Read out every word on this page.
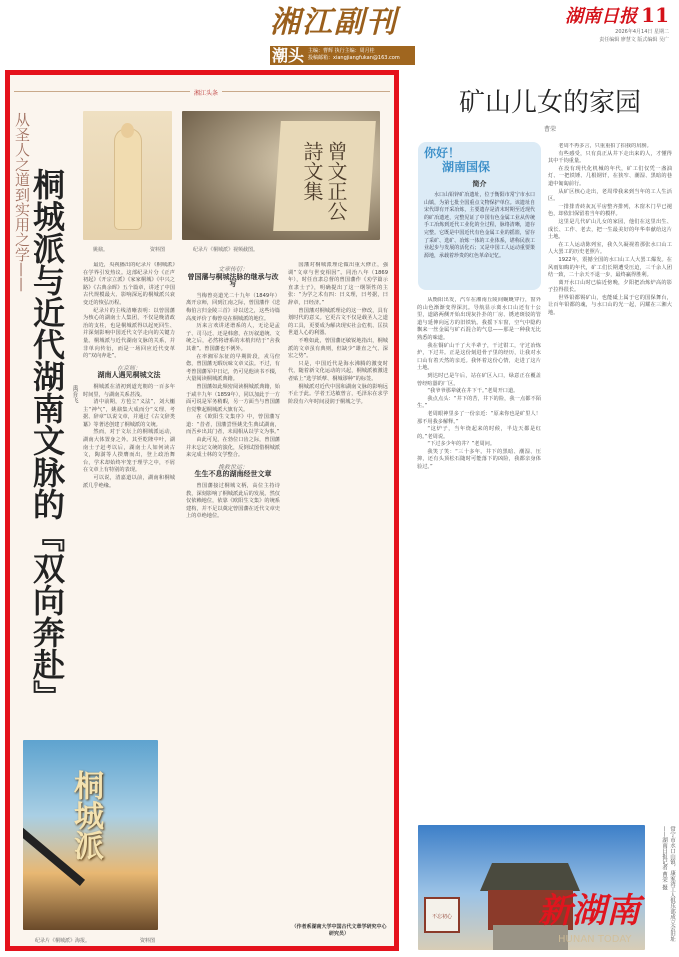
湘江副刊
潮头 主编：曹辉 执行主编：周月桂
投稿邮箱：xiangjiangfukan@163.com
湖南日报 11
2026年4月14日 星期二
责任编辑 廖慧文 版式编辑 吴广
湘江头条
从圣人之道到实用之学——
桐城派与近代湖南文脉的『双向奔赴』 禹育飞
曾文正公
詩文集
姚鼐。	资料图	纪录片《桐城派》视频截图。

最近，央视播出的纪录片《桐城派》在学界引发热议。这部纪录片分《正声初起》《开宗立派》《家家桐城》《中兴之路》《古典余晖》五个篇章，讲述了中国古代规模最大、影响深远的桐城派兴衰变迁的恢弘历程。

纪录片的主线清晰表明：以曾国藩为核心的湖南士人集团，不仅是晚清政治的支柱，也是桐城派得以起死回生、并深刻影响中国近代文学走向的关键力量。桐城派与近代湖南文脉的关系，并非单向传衍，而是一场回应近代变革的“双向奔赴”。

在京师：
湖南人遇见桐城文法

桐城派在清初到道光朝的一百多年时间里，与湖南关系甚浅。

清中前期，方苞立“义法”，刘大櫆主“神气”，姚鼐集大成而分“义理、考据、辞章”以说文章，并通过《古文辞类纂》等著述创建了桐城派的文统。

然而，对于文坛上的桐城派运动，湖南大体置身之外。其至乾隆中叶，湖南士子赶考以后，湖南士人如何读古文，陶澍等人揆膺而出，登上政治舞台，学术却始终牢笼于理学之中，不屑在文章上有特别的表现。

可以说，清嘉道以前，湖南和桐城派几乎绝缘。

桐城派
纪录片《桐城派》海报。	资料图
文章传衍：
曾国藩与桐城法脉的继承与改写

当梅曾亮道光二十九年（1849年）离开京师，回到江南之际，曾国藩作《送梅伯言归金陵三首》诗以送之，这些诗篇高度评价了梅曾亮在桐城派的地位。

历来言欢讲述谱系的人，无论是孟子、司马迁、还是韩愈，在历叙道统、文统之后，必然将谱系的末梢归结于“舍我其谁”。曾国藩也不例外。

在率湘军东征的早期阶段，戎马倥偬，曾国藩无暇玩味文章义法。不过，有考曾国藩军中日记，仍可见他读书不辍，大量阅读桐城派典籍。

曾国藩如此频密阅读桐城派典籍，始于咸丰九年（1859年），同以加此于一方面可说是军务稍暇，另一方面当与曾国藩自觉擎起桐城派大旗有关。

在《欧阳生文集序》中，曾国藩写道：“昔者，国藩尝怪姚先生典试湖南，而吾乡出其门者，未闻相从以学文为事。”

由此可见，在勃位口齿之际，曾国藩并未忘记文统的演化，反倒试图借桐城派来完成士林的文学整合。

挽救世运：
生生不息的湖南经世文章

曾国藩接过桐城文柄，高位主持诗教，深刻影响了桐城派此后的发展。然仅仅依赖地位，依靠《欧阳生文集》的统系建构，并不足以奠定曾国藩在近代文章史上的卓绝地位。

国藩对桐城派理论做出重大修正，强调“文章与世变相因”。同治八年（1869年），时任直隶总督的曾国藩作《劝学篇示直隶士子》，明确提出了这一纲领性的主张：“为学之术有四：曰义理，曰考据，曰辞章，曰经济。”

曾国藩对桐城派理论的这一修改，具有划时代的意义。它更古文不仅是载圣人之道的工具，更要成为解决现实社会危机、匡扶世道人心的利器。

不唯如此，曾国藩还敏锐地指出，桐城派的文章虽有典则，但缺少“雄直之气、深宏之势”。

只是，中国近代是海水沸腾的激变时代，随着新文化运动的兴起，桐城派被激进者贴上“选学妖孽、桐城谬种”的标签。

桐城派对近代中国和湖南文脉的影响远不止于此。学者王达敏曾言，毛泽东在求学阶段有六年时间浸润于桐城之学。

（作者系湖南大学中国古代文章学研究中心研究员）
矿山儿女的家园
曹荣
你好！
湖南国保
简介
水口山铅锌矿冶遗址，位于衡阳市常宁市水口山镇，为第七批全国重点文物保护单位。该遗址自宋代即有开采冶炼，主要遗存是清末时期至近现代的矿冶遗迹，完整见证了中国有色金属工业从传统手工冶炼到近代工业化的全过程，脉络清晰，遗存完整。它既是中国近代有色金属工业的摇篮，留存了采矿、选矿、冶炼一体的工业体系，堪称民族工业起步与发展的活化石；又是中国工人运动重要策源地，承载着珍贵的红色革命记忆。

从衡阳出发，汽车在湘南丘陵间蜿蜒穿行，窗外的山色渐渐变得深沉。导航显示离水口山还有十公里，道路两侧开始出现灰扑扑的厂房、锈迹斑驳的管道与延伸向远方的旧铁轨。我摇下车窗，空气中隐约飘来一丝金属与矿石混合的气息——那是一种我无比熟悉的味道。

我在铜矿山干了大半辈子，干过钳工，守过冶炼炉，下过井。正是这份刻进骨子里的经历，让我对水口山有着天然的亲近。我怀着这份心情，走进了这片土地。

到达时已是午后，站在矿区入口，绿意正在覆盖曾经喧嚣的厂区。

“我爷爷那辈就在井下干。”老周开口道。

我点点头：“井下的苦，井下的险，我一点都不陌生。”

老周眼神里多了一份亲近：“原来你也是矿里人！那不用我多解释。”

“这炉子，当年烧起来的时候，半边天都是红的。”老周说。

“下过多少年的井？”老周问。

我笑了笑：“三十多年。井下的黑暗、潮湿、压抑，还有头顶松石随时可能落下的凶险，我都亲身体验过。”

老周不再多言，只重重拍了拍我的肩膀。

有些感受，只有真正从井下走出来的人，才懂得其中千钧重量。

在没有现代化机械的年代，矿工们仅凭一盏油灯、一把铁锤、几根钢钎，在狭窄、潮湿、黑暗的巷道中匍匐前行。

从矿区核心走出，老周带我来到当年的工人生活区。

一排排青砖灰瓦平房整齐排列，木窗木门早已褪色，却依旧保留着当年的模样。

这里是几代矿山儿女的家园，他们在这里出生、成长、工作、老去，把一生最美好的年华奉献给这片土地。

在工人运动陈列室，我久久凝视着那张水口山工人大罢工的历史老照片。

1922年，震撼全国的水口山工人大罢工爆发。在风雨如晦的年代，矿工们长期遭受压迫，三千余人团结一致，二十余天不退一步，最终赢得胜利。

离开水口山时已临近傍晚，夕阳把冶炼炉高的影子拉得很长。

世界铅都锡矿山，也能砥上属于它的国保舞台，让百年铅都的魂，与水口山的光一起，闪耀在三湘大地。

不忘初心	新湖南
HUNAN TODAY	常宁市水口山镇，康家湾工人俱乐部成立会旧址——湖南日报记者 曹荣 摄
